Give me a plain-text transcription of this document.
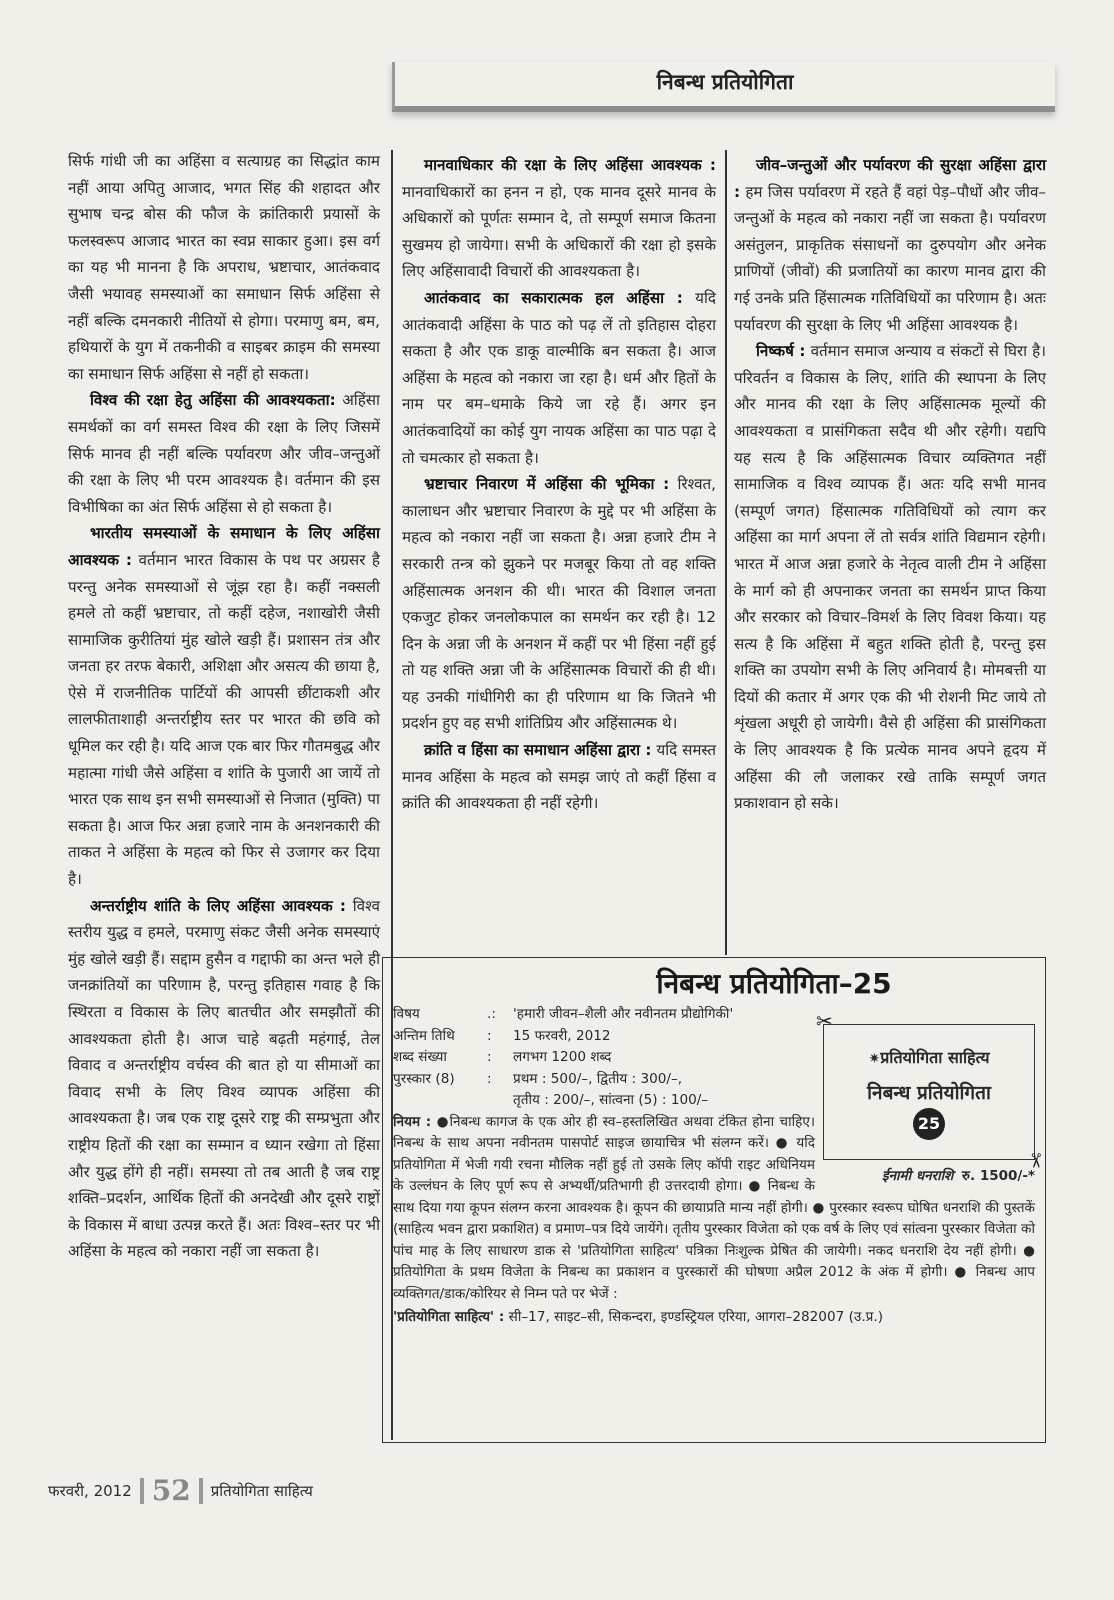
निबन्ध प्रतियोगिता

सिर्फ गांधी जी का अहिंसा व सत्याग्रह का सिद्धांत काम नहीं आया अपितु आजाद, भगत सिंह की शहादत और सुभाष चन्द्र बोस की फौज के क्रांतिकारी प्रयासों के फलस्वरूप आजाद भारत का स्वप्न साकार हुआ। इस वर्ग का यह भी मानना है कि अपराध, भ्रष्टाचार, आतंकवाद जैसी भयावह समस्याओं का समाधान सिर्फ अहिंसा से नहीं बल्कि दमनकारी नीतियों से होगा। परमाणु बम, बम, हथियारों के युग में तकनीकी व साइबर क्राइम की समस्या का समाधान सिर्फ अहिंसा से नहीं हो सकता।

विश्व की रक्षा हेतु अहिंसा की आवश्यकता: अहिंसा समर्थकों का वर्ग समस्त विश्व की रक्षा के लिए जिसमें सिर्फ मानव ही नहीं बल्कि पर्यावरण और जीव–जन्तुओं की रक्षा के लिए भी परम आवश्यक है। वर्तमान की इस विभीषिका का अंत सिर्फ अहिंसा से हो सकता है।

भारतीय समस्याओं के समाधान के लिए अहिंसा आवश्यक : वर्तमान भारत विकास के पथ पर अग्रसर है परन्तु अनेक समस्याओं से जूंझ रहा है। कहीं नक्सली हमले तो कहीं भ्रष्टाचार, तो कहीं दहेज, नशाखोरी जैसी सामाजिक कुरीतियां मुंह खोले खड़ी हैं। प्रशासन तंत्र और जनता हर तरफ बेकारी, अशिक्षा और असत्य की छाया है, ऐसे में राजनीतिक पार्टियों की आपसी छींटाकशी और लालफीताशाही अन्तर्राष्ट्रीय स्तर पर भारत की छवि को धूमिल कर रही है। यदि आज एक बार फिर गौतमबुद्ध और महात्मा गांधी जैसे अहिंसा व शांति के पुजारी आ जायें तो भारत एक साथ इन सभी समस्याओं से निजात (मुक्ति) पा सकता है। आज फिर अन्ना हजारे नाम के अनशनकारी की ताकत ने अहिंसा के महत्व को फिर से उजागर कर दिया है।

अन्तर्राष्ट्रीय शांति के लिए अहिंसा आवश्यक : विश्व स्तरीय युद्ध व हमले, परमाणु संकट जैसी अनेक समस्याएं मुंह खोले खड़ी हैं। सद्दाम हुसैन व गद्दाफी का अन्त भले ही जनक्रांतियों का परिणाम है, परन्तु इतिहास गवाह है कि स्थिरता व विकास के लिए बातचीत और समझौतों की आवश्यकता होती है। आज चाहे बढ़ती महंगाई, तेल विवाद व अन्तर्राष्ट्रीय वर्चस्व की बात हो या सीमाओं का विवाद सभी के लिए विश्व व्यापक अहिंसा की आवश्यकता है। जब एक राष्ट्र दूसरे राष्ट्र की सम्प्रभुता और राष्ट्रीय हितों की रक्षा का सम्मान व ध्यान रखेगा तो हिंसा और युद्ध होंगे ही नहीं। समस्या तो तब आती है जब राष्ट्र शक्ति–प्रदर्शन, आर्थिक हितों की अनदेखी और दूसरे राष्ट्रों के विकास में बाधा उत्पन्न करते हैं। अतः विश्व–स्तर पर भी अहिंसा के महत्व को नकारा नहीं जा सकता है।

मानवाधिकार की रक्षा के लिए अहिंसा आवश्यक : मानवाधिकारों का हनन न हो, एक मानव दूसरे मानव के अधिकारों को पूर्णतः सम्मान दे, तो सम्पूर्ण समाज कितना सुखमय हो जायेगा। सभी के अधिकारों की रक्षा हो इसके लिए अहिंसावादी विचारों की आवश्यकता है।

आतंकवाद का सकारात्मक हल अहिंसा : यदि आतंकवादी अहिंसा के पाठ को पढ़ लें तो इतिहास दोहरा सकता है और एक डाकू वाल्मीकि बन सकता है। आज अहिंसा के महत्व को नकारा जा रहा है। धर्म और हितों के नाम पर बम–धमाके किये जा रहे हैं। अगर इन आतंकवादियों का कोई युग नायक अहिंसा का पाठ पढ़ा दे तो चमत्कार हो सकता है।

भ्रष्टाचार निवारण में अहिंसा की भूमिका : रिश्वत, कालाधन और भ्रष्टाचार निवारण के मुद्दे पर भी अहिंसा के महत्व को नकारा नहीं जा सकता है। अन्ना हजारे टीम ने सरकारी तन्त्र को झुकने पर मजबूर किया तो वह शक्ति अहिंसात्मक अनशन की थी। भारत की विशाल जनता एकजुट होकर जनलोकपाल का समर्थन कर रही है। 12 दिन के अन्ना जी के अनशन में कहीं पर भी हिंसा नहीं हुई तो यह शक्ति अन्ना जी के अहिंसात्मक विचारों की ही थी। यह उनकी गांधीगिरी का ही परिणाम था कि जितने भी प्रदर्शन हुए वह सभी शांतिप्रिय और अहिंसात्मक थे।

क्रांति व हिंसा का समाधान अहिंसा द्वारा : यदि समस्त मानव अहिंसा के महत्व को समझ जाएं तो कहीं हिंसा व क्रांति की आवश्यकता ही नहीं रहेगी।

जीव–जन्तुओं और पर्यावरण की सुरक्षा अहिंसा द्वारा : हम जिस पर्यावरण में रहते हैं वहां पेड़–पौधों और जीव–जन्तुओं के महत्व को नकारा नहीं जा सकता है। पर्यावरण असंतुलन, प्राकृतिक संसाधनों का दुरुपयोग और अनेक प्राणियों (जीवों) की प्रजातियों का कारण मानव द्वारा की गई उनके प्रति हिंसात्मक गतिविधियों का परिणाम है। अतः पर्यावरण की सुरक्षा के लिए भी अहिंसा आवश्यक है।

निष्कर्ष : वर्तमान समाज अन्याय व संकटों से घिरा है। परिवर्तन व विकास के लिए, शांति की स्थापना के लिए और मानव की रक्षा के लिए अहिंसात्मक मूल्यों की आवश्यकता व प्रासंगिकता सदैव थी और रहेगी। यद्यपि यह सत्य है कि अहिंसात्मक विचार व्यक्तिगत नहीं सामाजिक व विश्व व्यापक हैं। अतः यदि सभी मानव (सम्पूर्ण जगत) हिंसात्मक गतिविधियों को त्याग कर अहिंसा का मार्ग अपना लें तो सर्वत्र शांति विद्यमान रहेगी। भारत में आज अन्ना हजारे के नेतृत्व वाली टीम ने अहिंसा के मार्ग को ही अपनाकर जनता का समर्थन प्राप्त किया और सरकार को विचार–विमर्श के लिए विवश किया। यह सत्य है कि अहिंसा में बहुत शक्ति होती है, परन्तु इस शक्ति का उपयोग सभी के लिए अनिवार्य है। मोमबत्ती या दियों की कतार में अगर एक की भी रोशनी मिट जाये तो शृंखला अधूरी हो जायेगी। वैसे ही अहिंसा की प्रासंगिकता के लिए आवश्यक है कि प्रत्येक मानव अपने हृदय में अहिंसा की लौ जलाकर रखे ताकि सम्पूर्ण जगत प्रकाशवान हो सके।

निबन्ध प्रतियोगिता–25
✂
✂
✷प्रतियोगिता साहित्य
निबन्ध प्रतियोगिता
25
ईनामी धनराशि रु. 1500/-*
विषय	.:	'हमारी जीवन–शैली और नवीनतम प्रौद्योगिकी'
अन्तिम तिथि	:	15 फरवरी, 2012
शब्द संख्या	:	लगभग 1200 शब्द
पुरस्कार (8)	:	प्रथम : 500/–, द्वितीय : 300/–,
तृतीय : 200/–, सांत्वना (5) : 100/–
नियम : ●निबन्ध कागज के एक ओर ही स्व–हस्तलिखित अथवा टंकित होना चाहिए। निबन्ध के साथ अपना नवीनतम पासपोर्ट साइज छायाचित्र भी संलग्न करें। ● यदि प्रतियोगिता में भेजी गयी रचना मौलिक नहीं हुई तो उसके लिए कॉपी राइट अधिनियम के उल्लंघन के लिए पूर्ण रूप से अभ्यर्थी/प्रतिभागी ही उत्तरदायी होगा। ● निबन्ध के साथ दिया गया कूपन संलग्न करना आवश्यक है। कूपन की छायाप्रति मान्य नहीं होगी। ● पुरस्कार स्वरूप घोषित धनराशि की पुस्तकें (साहित्य भवन द्वारा प्रकाशित) व प्रमाण–पत्र दिये जायेंगे। तृतीय पुरस्कार विजेता को एक वर्ष के लिए एवं सांत्वना पुरस्कार विजेता को पांच माह के लिए साधारण डाक से 'प्रतियोगिता साहित्य' पत्रिका निःशुल्क प्रेषित की जायेगी। नकद धनराशि देय नहीं होगी। ● प्रतियोगिता के प्रथम विजेता के निबन्ध का प्रकाशन व पुरस्कारों की घोषणा अप्रैल 2012 के अंक में होगी। ● निबन्ध आप व्यक्तिगत/डाक/कोरियर से निम्न पते पर भेजें :
'प्रतियोगिता साहित्य' : सी–17, साइट–सी, सिकन्दरा, इण्डस्ट्रियल एरिया, आगरा–282007 (उ.प्र.)
फरवरी, 2012 52 प्रतियोगिता साहित्य
